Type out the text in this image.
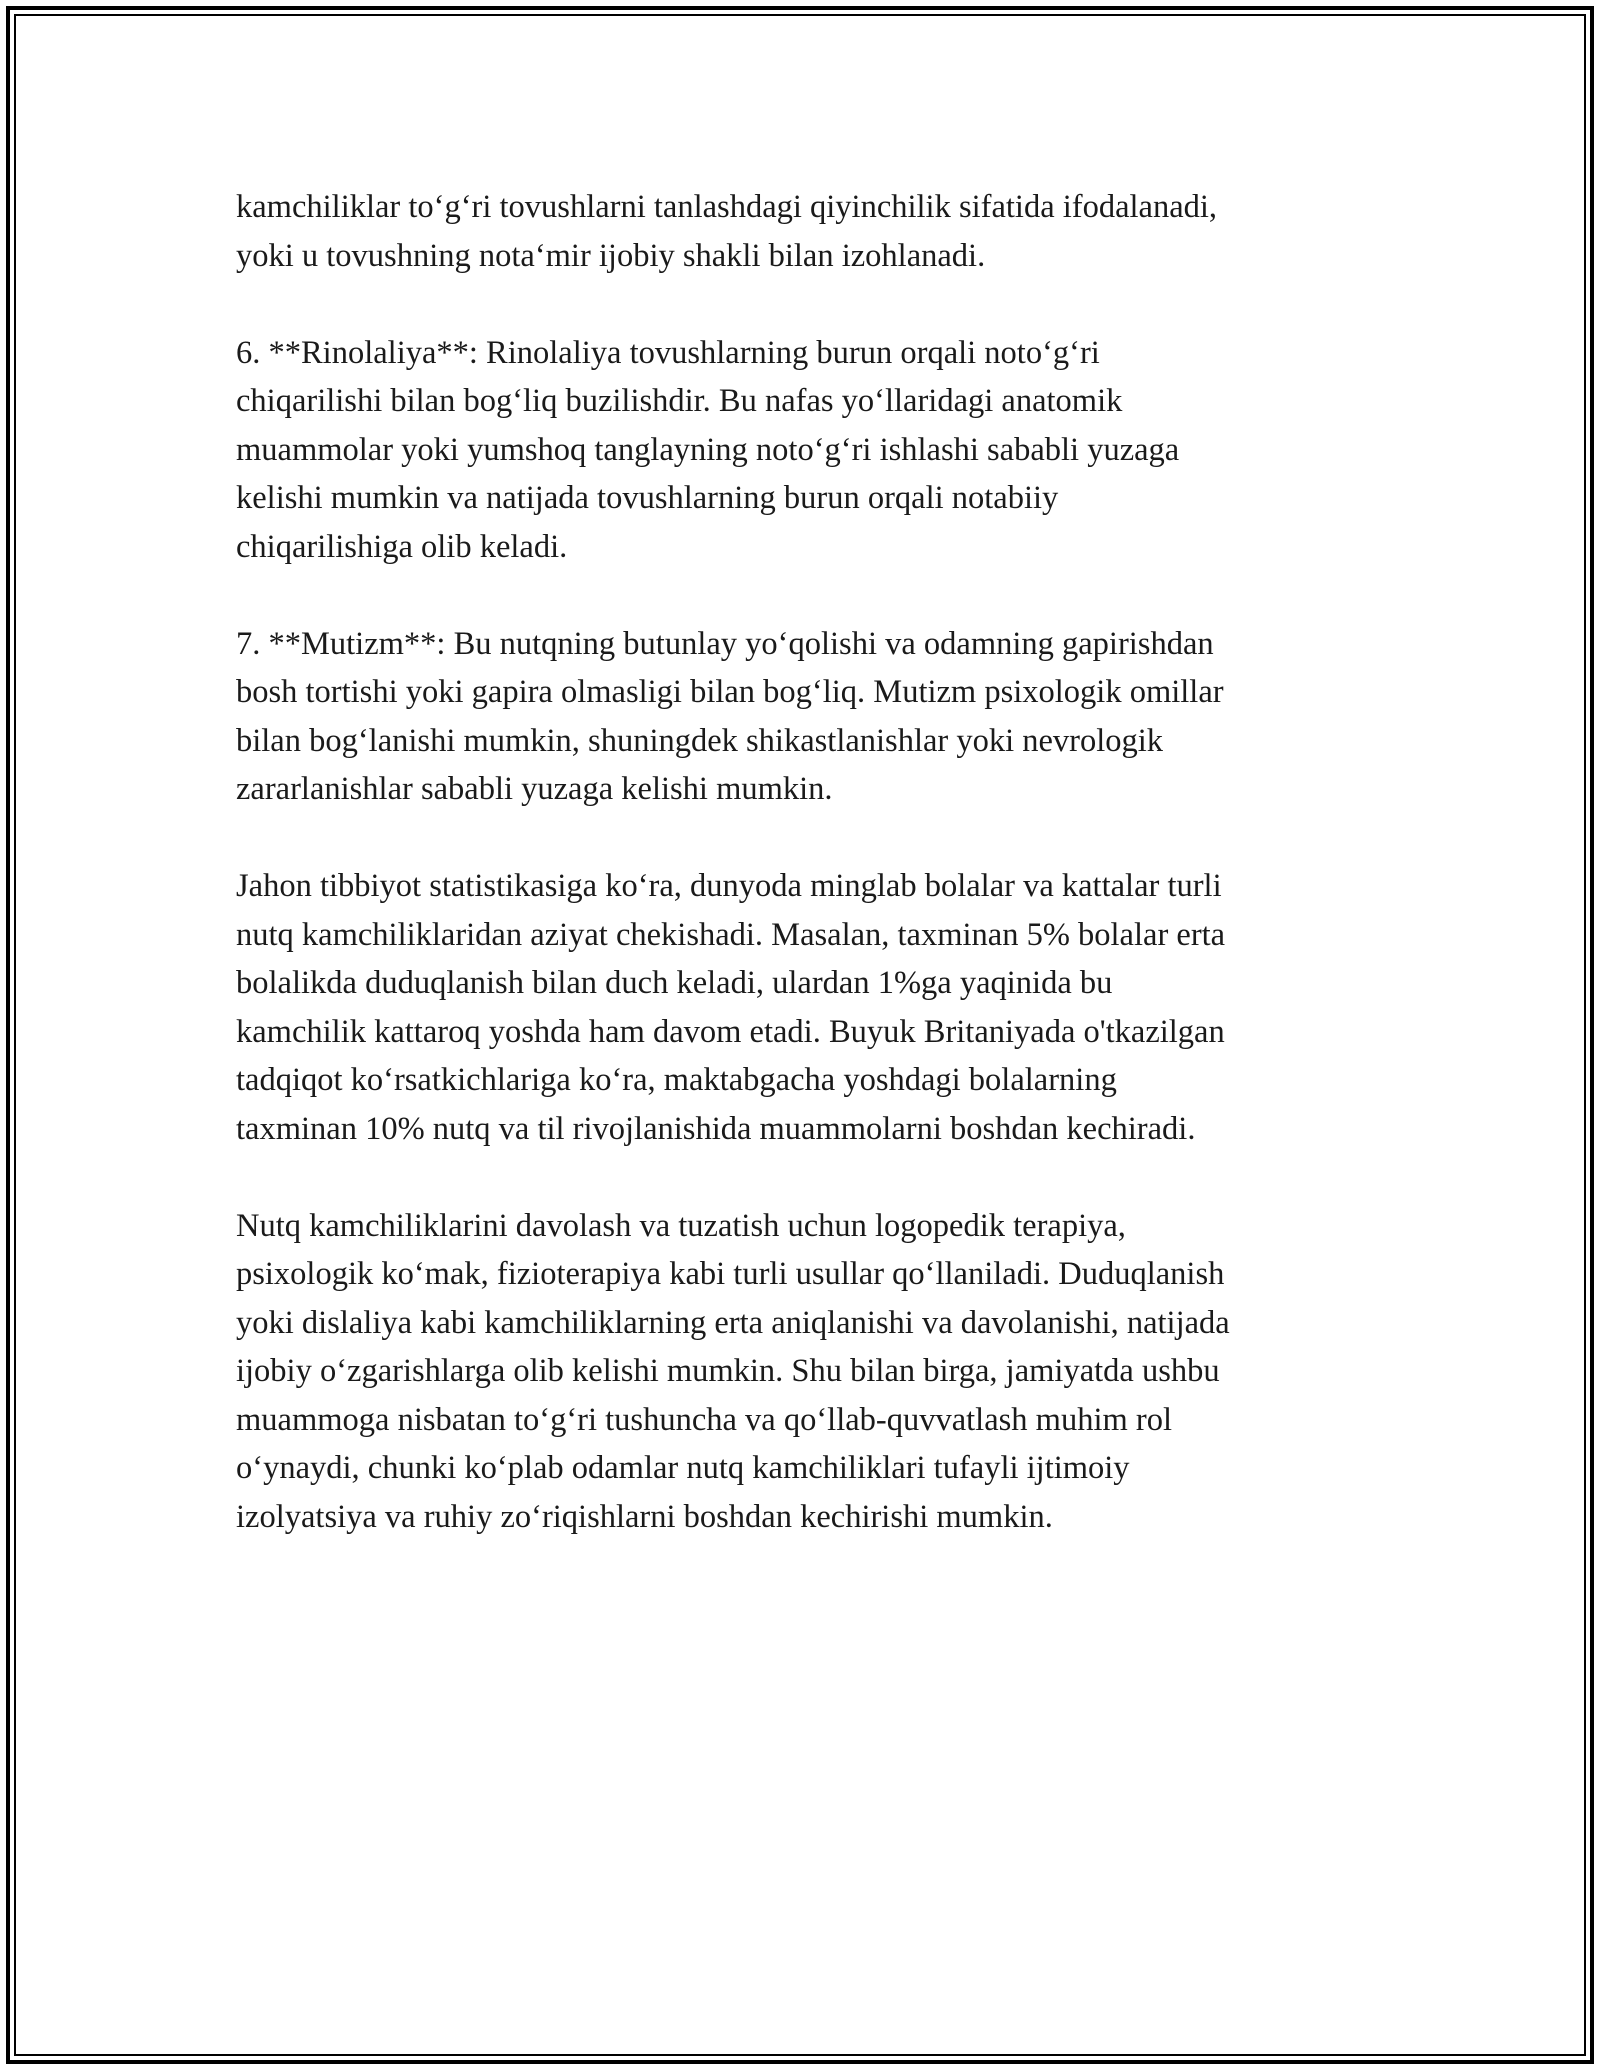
kamchiliklar to‘g‘ri tovushlarni tanlashdagi qiyinchilik sifatida ifodalanadi,
yoki u tovushning nota‘mir ijobiy shakli bilan izohlanadi.

6. **Rinolaliya**: Rinolaliya tovushlarning burun orqali noto‘g‘ri
chiqarilishi bilan bog‘liq buzilishdir. Bu nafas yo‘llaridagi anatomik
muammolar yoki yumshoq tanglayning noto‘g‘ri ishlashi sababli yuzaga
kelishi mumkin va natijada tovushlarning burun orqali notabiiy
chiqarilishiga olib keladi.

7. **Mutizm**: Bu nutqning butunlay yo‘qolishi va odamning gapirishdan
bosh tortishi yoki gapira olmasligi bilan bog‘liq. Mutizm psixologik omillar
bilan bog‘lanishi mumkin, shuningdek shikastlanishlar yoki nevrologik
zararlanishlar sababli yuzaga kelishi mumkin.

Jahon tibbiyot statistikasiga ko‘ra, dunyoda minglab bolalar va kattalar turli
nutq kamchiliklaridan aziyat chekishadi. Masalan, taxminan 5% bolalar erta
bolalikda duduqlanish bilan duch keladi, ulardan 1%ga yaqinida bu
kamchilik kattaroq yoshda ham davom etadi. Buyuk Britaniyada o'tkazilgan
tadqiqot ko‘rsatkichlariga ko‘ra, maktabgacha yoshdagi bolalarning
taxminan 10% nutq va til rivojlanishida muammolarni boshdan kechiradi.

Nutq kamchiliklarini davolash va tuzatish uchun logopedik terapiya,
psixologik ko‘mak, fizioterapiya kabi turli usullar qo‘llaniladi. Duduqlanish
yoki dislaliya kabi kamchiliklarning erta aniqlanishi va davolanishi, natijada
ijobiy o‘zgarishlarga olib kelishi mumkin. Shu bilan birga, jamiyatda ushbu
muammoga nisbatan to‘g‘ri tushuncha va qo‘llab-quvvatlash muhim rol
o‘ynaydi, chunki ko‘plab odamlar nutq kamchiliklari tufayli ijtimoiy
izolyatsiya va ruhiy zo‘riqishlarni boshdan kechirishi mumkin.
